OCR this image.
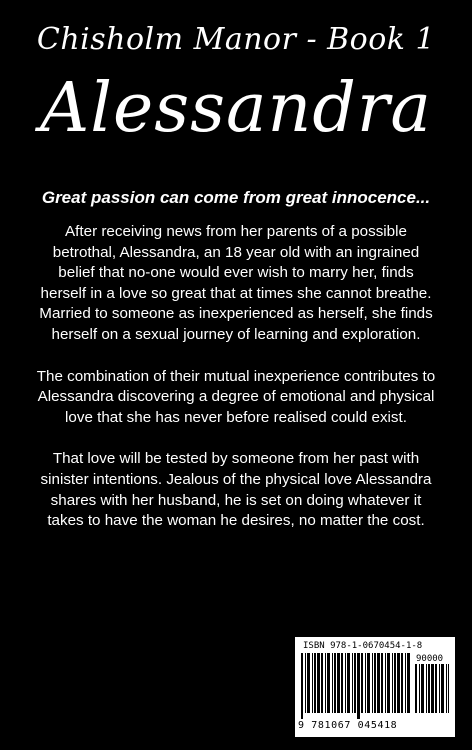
Chisholm Manor - Book 1
Alessandra
Great passion can come from great innocence...

After receiving news from her parents of a possible betrothal, Alessandra, an 18 year old with an ingrained belief that no-one would ever wish to marry her, finds herself in a love so great that at times she cannot breathe. Married to someone as inexperienced as herself, she finds herself on a sexual journey of learning and exploration.

The combination of their mutual inexperience contributes to Alessandra discovering a degree of emotional and physical love that she has never before realised could exist.

That love will be tested by someone from her past with sinister intentions. Jealous of the physical love Alessandra shares with her husband, he is set on doing whatever it takes to have the woman he desires, no matter the cost.

ISBN 978-1-0670454-1-8
90000
9 781067 045418
